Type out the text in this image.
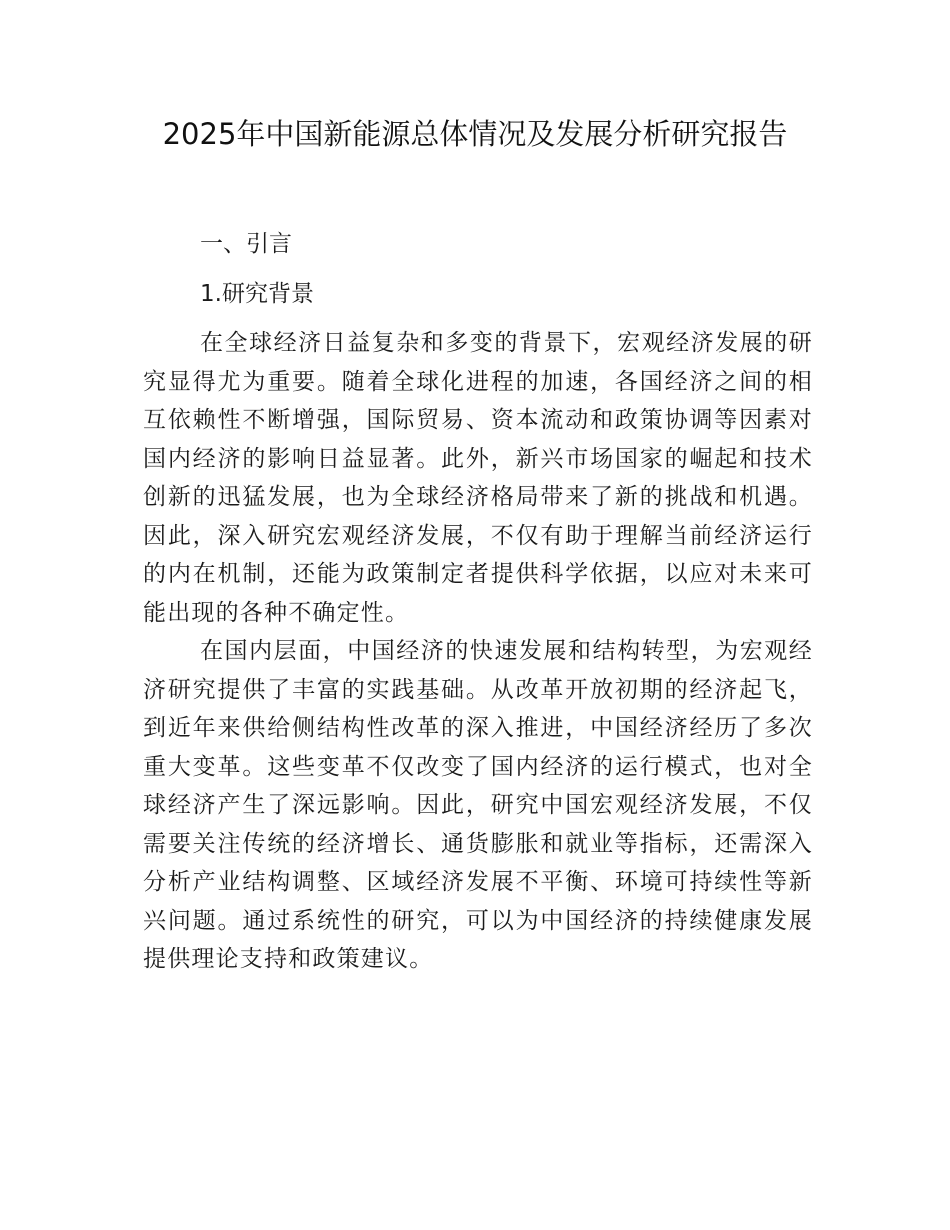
2025年中国新能源总体情况及发展分析研究报告
一、引言
1.研究背景

在全球经济日益复杂和多变的背景下，宏观经济发展的研究显得尤为重要。随着全球化进程的加速，各国经济之间的相互依赖性不断增强，国际贸易、资本流动和政策协调等因素对国内经济的影响日益显著。此外，新兴市场国家的崛起和技术创新的迅猛发展，也为全球经济格局带来了新的挑战和机遇。因此，深入研究宏观经济发展，不仅有助于理解当前经济运行的内在机制，还能为政策制定者提供科学依据，以应对未来可能出现的各种不确定性。

在国内层面，中国经济的快速发展和结构转型，为宏观经济研究提供了丰富的实践基础。从改革开放初期的经济起飞，到近年来供给侧结构性改革的深入推进，中国经济经历了多次重大变革。这些变革不仅改变了国内经济的运行模式，也对全球经济产生了深远影响。因此，研究中国宏观经济发展，不仅需要关注传统的经济增长、通货膨胀和就业等指标，还需深入分析产业结构调整、区域经济发展不平衡、环境可持续性等新兴问题。通过系统性的研究，可以为中国经济的持续健康发展提供理论支持和政策建议。
